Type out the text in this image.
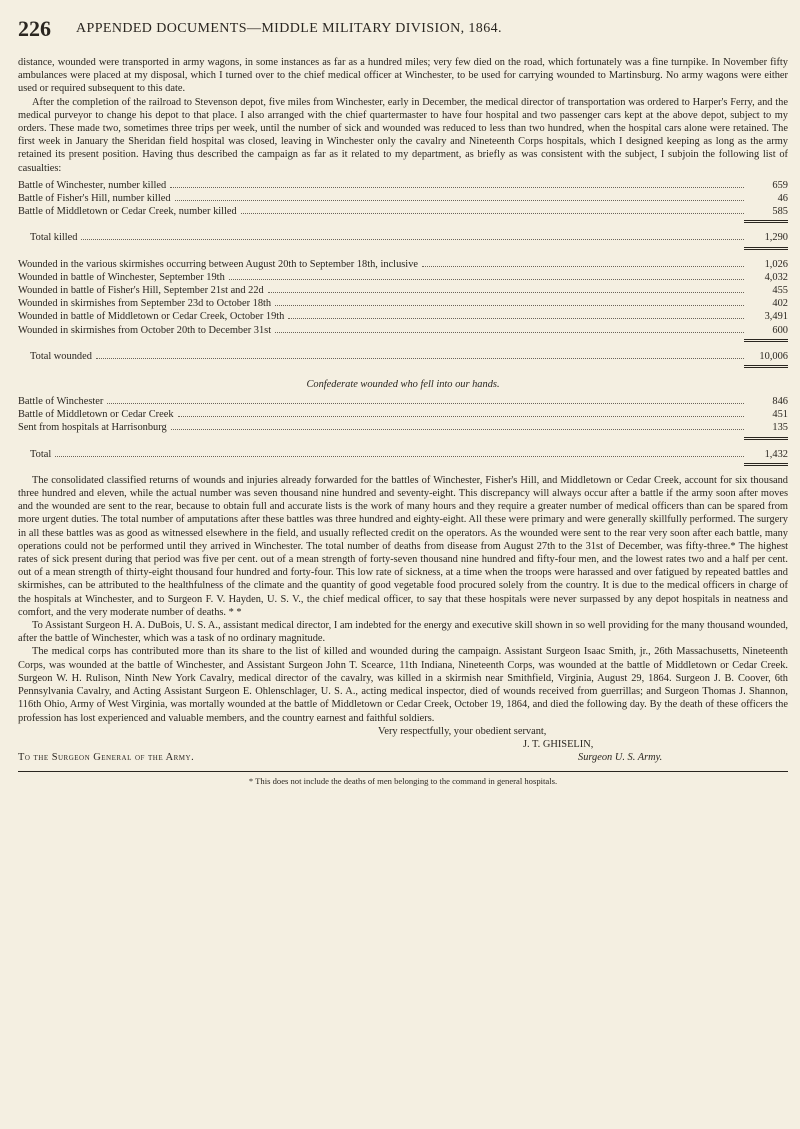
226 APPENDED DOCUMENTS—MIDDLE MILITARY DIVISION, 1864.

distance, wounded were transported in army wagons, in some instances as far as a hundred miles; very few died on the road, which fortunately was a fine turnpike. In November fifty ambulances were placed at my disposal, which I turned over to the chief medical officer at Winchester, to be used for carrying wounded to Martinsburg. No army wagons were either used or required subsequent to this date.

After the completion of the railroad to Stevenson depot, five miles from Winchester, early in December, the medical director of transportation was ordered to Harper's Ferry, and the medical purveyor to change his depot to that place. I also arranged with the chief quartermaster to have four hospital and two passenger cars kept at the above depot, subject to my orders. These made two, sometimes three trips per week, until the number of sick and wounded was reduced to less than two hundred, when the hospital cars alone were retained. The first week in January the Sheridan field hospital was closed, leaving in Winchester only the cavalry and Nineteenth Corps hospitals, which I designed keeping as long as the army retained its present position. Having thus described the campaign as far as it related to my department, as briefly as was consistent with the subject, I subjoin the following list of casualties:

Battle of Winchester, number killed	659
Battle of Fisher's Hill, number killed	46
Battle of Middletown or Cedar Creek, number killed	585
Total killed	1,290
Wounded in the various skirmishes occurring between August 20th to September 18th, inclusive	1,026
Wounded in battle of Winchester, September 19th	4,032
Wounded in battle of Fisher's Hill, September 21st and 22d	455
Wounded in skirmishes from September 23d to October 18th	402
Wounded in battle of Middletown or Cedar Creek, October 19th	3,491
Wounded in skirmishes from October 20th to December 31st	600
Total wounded	10,006
Confederate wounded who fell into our hands.
Battle of Winchester	846
Battle of Middletown or Cedar Creek	451
Sent from hospitals at Harrisonburg	135
Total	1,432

The consolidated classified returns of wounds and injuries already forwarded for the battles of Winchester, Fisher's Hill, and Middletown or Cedar Creek, account for six thousand three hundred and eleven, while the actual number was seven thousand nine hundred and seventy-eight. This discrepancy will always occur after a battle if the army soon after moves and the wounded are sent to the rear, because to obtain full and accurate lists is the work of many hours and they require a greater number of medical officers than can be spared from more urgent duties. The total number of amputations after these battles was three hundred and eighty-eight. All these were primary and were generally skillfully performed. The surgery in all these battles was as good as witnessed elsewhere in the field, and usually reflected credit on the operators. As the wounded were sent to the rear very soon after each battle, many operations could not be performed until they arrived in Winchester. The total number of deaths from disease from August 27th to the 31st of December, was fifty-three.* The highest rates of sick present during that period was five per cent. out of a mean strength of forty-seven thousand nine hundred and fifty-four men, and the lowest rates two and a half per cent. out of a mean strength of thirty-eight thousand four hundred and forty-four. This low rate of sickness, at a time when the troops were harassed and over fatigued by repeated battles and skirmishes, can be attributed to the healthfulness of the climate and the quantity of good vegetable food procured solely from the country. It is due to the medical officers in charge of the hospitals at Winchester, and to Surgeon F. V. Hayden, U. S. V., the chief medical officer, to say that these hospitals were never surpassed by any depot hospitals in neatness and comfort, and the very moderate number of deaths. * *

To Assistant Surgeon H. A. DuBois, U. S. A., assistant medical director, I am indebted for the energy and executive skill shown in so well providing for the many thousand wounded, after the battle of Winchester, which was a task of no ordinary magnitude.

The medical corps has contributed more than its share to the list of killed and wounded during the campaign. Assistant Surgeon Isaac Smith, jr., 26th Massachusetts, Nineteenth Corps, was wounded at the battle of Winchester, and Assistant Surgeon John T. Scearce, 11th Indiana, Nineteenth Corps, was wounded at the battle of Middletown or Cedar Creek. Surgeon W. H. Rulison, Ninth New York Cavalry, medical director of the cavalry, was killed in a skirmish near Smithfield, Virginia, August 29, 1864. Surgeon J. B. Coover, 6th Pennsylvania Cavalry, and Acting Assistant Surgeon E. Ohlenschlager, U. S. A., acting medical inspector, died of wounds received from guerrillas; and Surgeon Thomas J. Shannon, 116th Ohio, Army of West Virginia, was mortally wounded at the battle of Middletown or Cedar Creek, October 19, 1864, and died the following day. By the death of these officers the profession has lost experienced and valuable members, and the country earnest and faithful soldiers.

Very respectfully, your obedient servant,
J. T. GHISELIN,
Surgeon U. S. Army.
To the Surgeon General of the Army.
* This does not include the deaths of men belonging to the command in general hospitals.
